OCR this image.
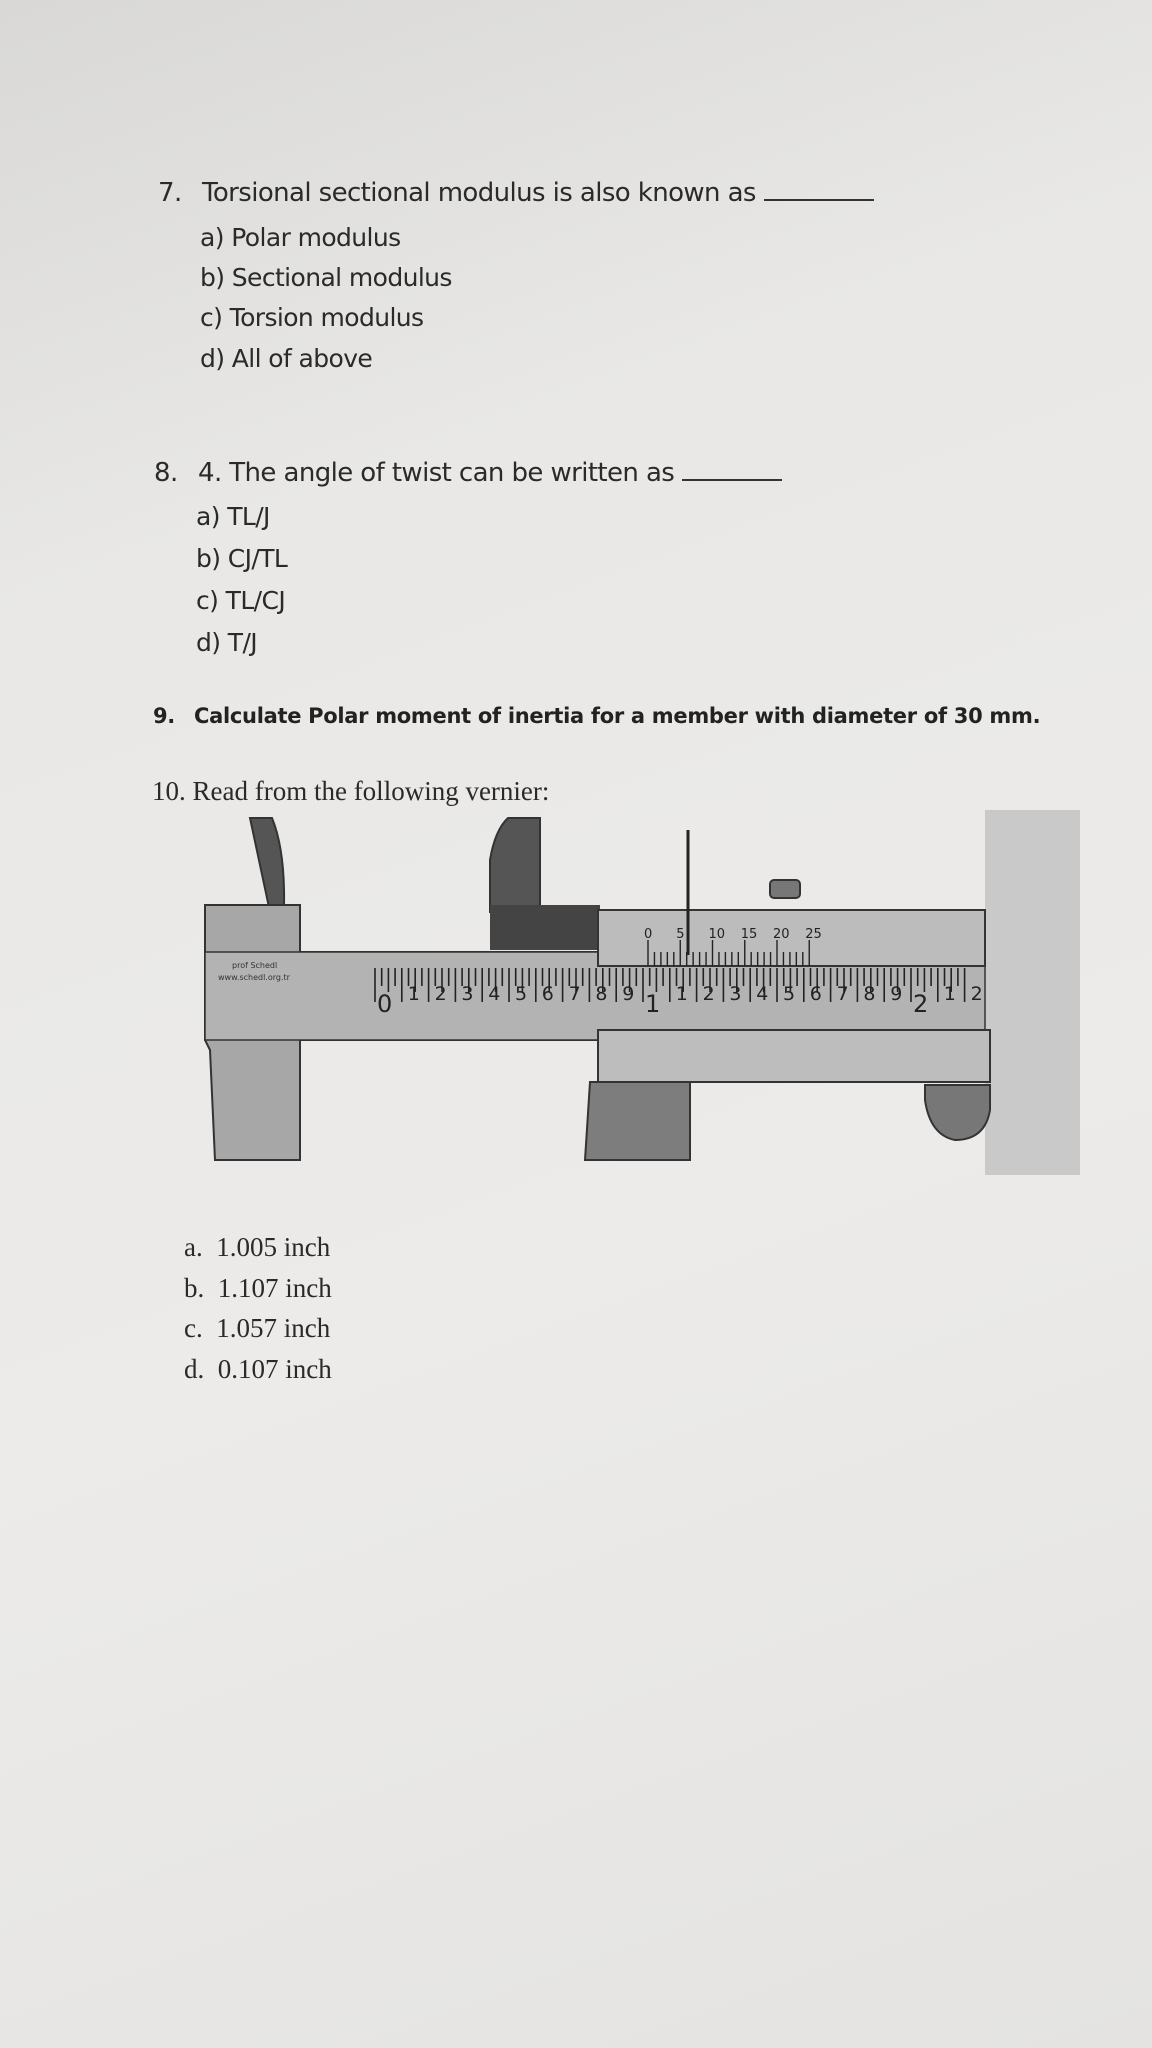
7. Torsional sectional modulus is also known as
a) Polar modulus
b) Sectional modulus
c) Torsion modulus
d) All of above
8. 4. The angle of twist can be written as
a) TL/J
b) CJ/TL
c) TL/CJ
d) T/J
9. Calculate Polar moment of inertia for a member with diameter of 30 mm.
10. Read from the following vernier:
prof Schedl
www.schedl.org.tr
0 1 2 3 4 5 6 7 8 9 1 1 2 3 4 5 6 7 8 9 2 1 2
0 5 10 15 20 25
a. 1.005 inch
b. 1.107 inch
c. 1.057 inch
d. 0.107 inch
